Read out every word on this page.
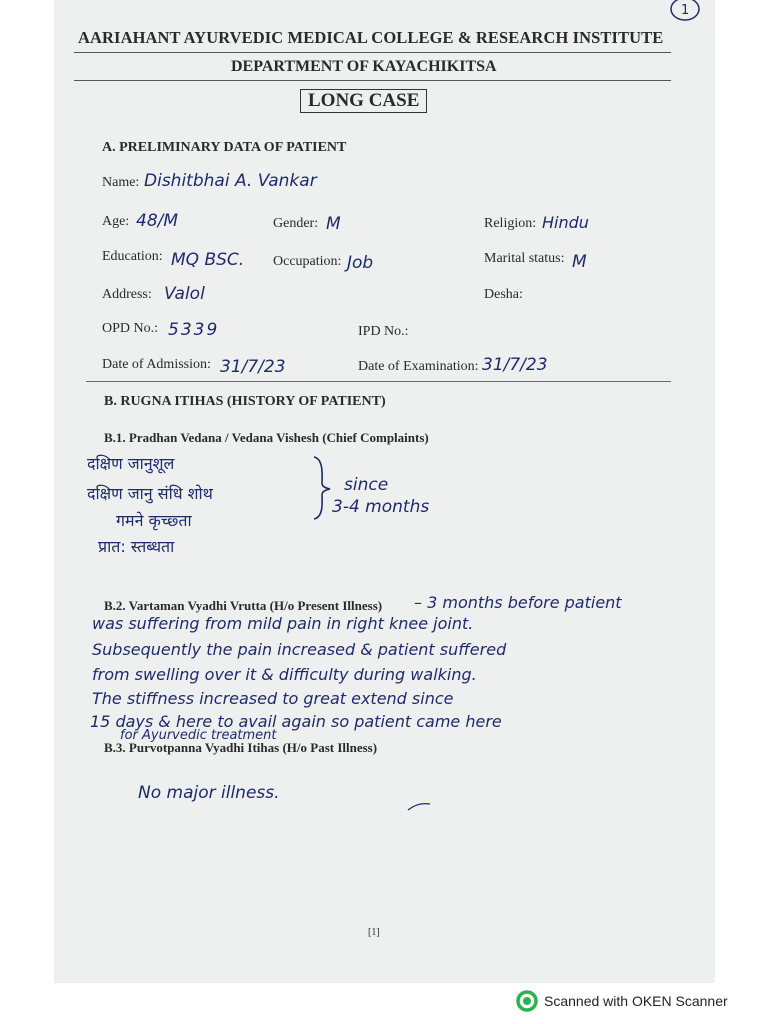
1
AARIAHANT AYURVEDIC MEDICAL COLLEGE & RESEARCH INSTITUTE
DEPARTMENT OF KAYACHIKITSA
LONG CASE
A. PRELIMINARY DATA OF PATIENT
Name: Dishitbhai A. Vankar
Age: 48/M	Gender: M	Religion: Hindu
Education: MQ BSC. Occupation: Job	Marital status: M
Address: Valol	Desha:
OPD No.: 5339	IPD No.:
Date of Admission: 31/7/23	Date of Examination: 31/7/23
B. RUGNA ITIHAS (HISTORY OF PATIENT)
B.1. Pradhan Vedana / Vedana Vishesh (Chief Complaints)
दक्षिण जानुशूल
दक्षिण जानु संधि शोथ
गमने कृच्छ्ता
प्रात: स्तब्धता
since
3-4 months
B.2. Vartaman Vyadhi Vrutta (H/o Present Illness) – 3 months before patient
was suffering from mild pain in right knee joint.
Subsequently the pain increased & patient suffered
from swelling over it & difficulty during walking.
The stiffness increased to great extend since
15 days & here to avail again so patient came here
for Ayurvedic treatment
B.3. Purvotpanna Vyadhi Itihas (H/o Past Illness)
No major illness.
[1]
Scanned with OKEN Scanner
